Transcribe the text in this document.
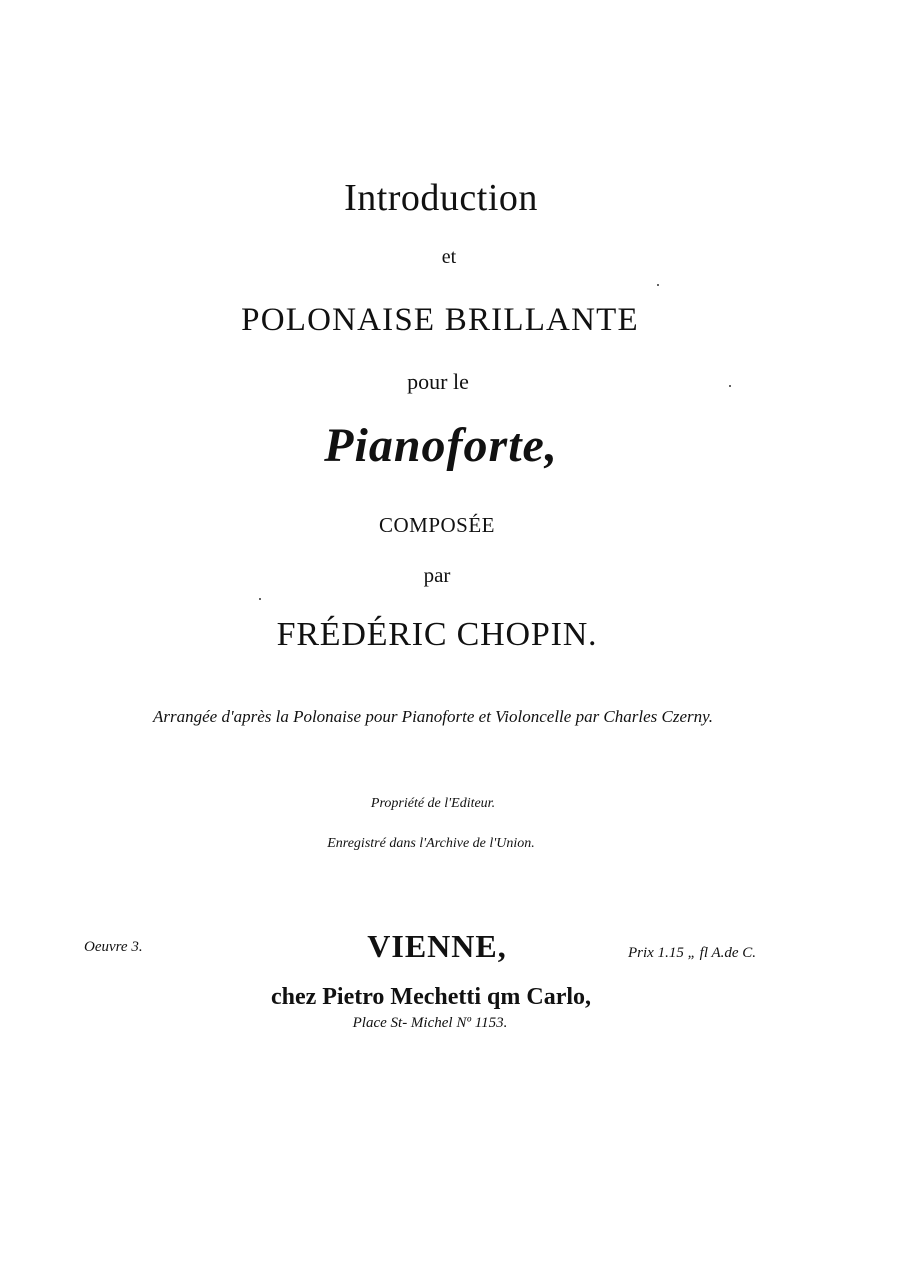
Introduction
et
POLONAISE BRILLANTE
pour le
Pianoforte,
COMPOSÉE
par
FRÉDÉRIC CHOPIN.
Arrangée d'après la Polonaise pour Pianoforte et Violoncelle par Charles Czerny.
Propriété de l'Editeur.
Enregistré dans l'Archive de l'Union.
Oeuvre 3.	VIENNE,	Prix 1.15 „ fl A.de C.
chez Pietro Mechetti qm Carlo,
Place St- Michel Nº 1153.
